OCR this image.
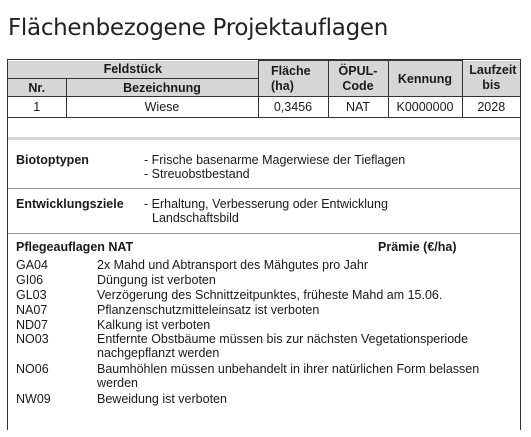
Flächenbezogene Projektauflagen
Feldstück		Fläche (ha)	ÖPUL-Code	Kennung	Laufzeit bis

Nr.	Bezeichnung				
1	Wiese	0,3456	NAT	K0000000	2028
Biotoptypen	- Frische basenarme Magerwiese der Tieflagen
- Streuobstbestand
Entwicklungsziele - Erhaltung, Verbesserung oder Entwicklung
Landschaftsbild
Pflegeauflagen NAT	Prämie (€/ha)
GA04	2x Mahd und Abtransport des Mähgutes pro Jahr
GI06	Düngung ist verboten
GL03	Verzögerung des Schnittzeitpunktes, früheste Mahd am 15.06.
NA07	Pflanzenschutzmitteleinsatz ist verboten
ND07	Kalkung ist verboten
NO03	Entfernte Obstbäume müssen bis zur nächsten Vegetationsperiode nachgepflanzt werden
NO06	Baumhöhlen müssen unbehandelt in ihrer natürlichen Form belassen werden
NW09	Beweidung ist verboten
